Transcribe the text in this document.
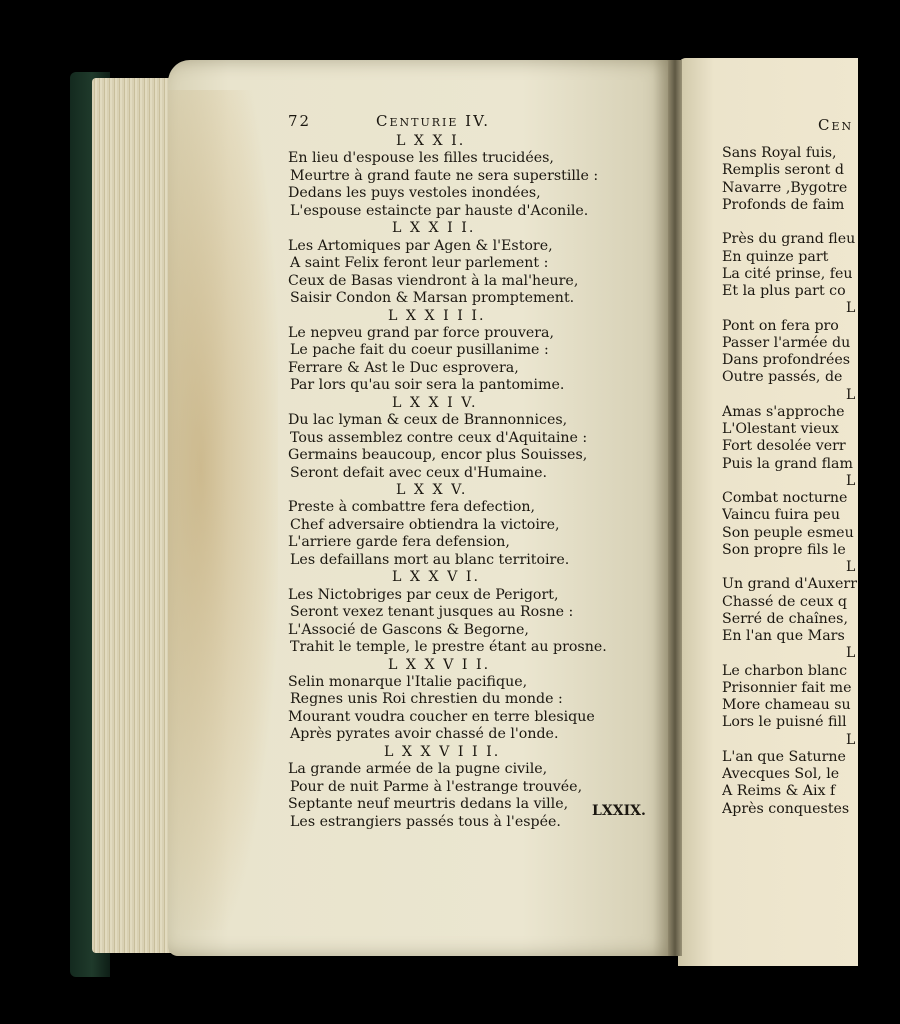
72	Centurie IV.
L X X I.
En lieu d'espouse les filles trucidées,
Meurtre à grand faute ne sera superstille :
Dedans les puys vestoles inondées,
L'espouse estaincte par hauste d'Aconile.
L X X I I.
Les Artomiques par Agen & l'Estore,
A saint Felix feront leur parlement :
Ceux de Basas viendront à la mal'heure,
Saisir Condon & Marsan promptement.
L X X I I I.
Le nepveu grand par force prouvera,
Le pache fait du coeur pusillanime :
Ferrare & Ast le Duc esprovera,
Par lors qu'au soir sera la pantomime.
L X X I V.
Du lac lyman & ceux de Brannonnices,
Tous assemblez contre ceux d'Aquitaine :
Germains beaucoup, encor plus Souisses,
Seront defait avec ceux d'Humaine.
L X X V.
Preste à combattre fera defection,
Chef adversaire obtiendra la victoire,
L'arriere garde fera defension,
Les defaillans mort au blanc territoire.
L X X V I.
Les Nictobriges par ceux de Perigort,
Seront vexez tenant jusques au Rosne :
L'Associé de Gascons & Begorne,
Trahit le temple, le prestre étant au prosne.
L X X V I I.
Selin monarque l'Italie pacifique,
Regnes unis Roi chrestien du monde :
Mourant voudra coucher en terre blesique
Après pyrates avoir chassé de l'onde.
L X X V I I I.
La grande armée de la pugne civile,
Pour de nuit Parme à l'estrange trouvée,
Septante neuf meurtris dedans la ville,
Les estrangiers passés tous à l'espée.
LXXIX.
Cen
Sans Royal fuis,
Remplis seront d
Navarre ,Bygotre
Profonds de faim
Près du grand fleu
En quinze part
La cité prinse, feu
Et la plus part co
L
Pont on fera pro
Passer l'armée du
Dans profondrées
Outre passés, de
L
Amas s'approche
L'Olestant vieux
Fort desolée verr
Puis la grand flam
L
Combat nocturne
Vaincu fuira peu
Son peuple esmeu
Son propre fils le
L
Un grand d'Auxerr
Chassé de ceux q
Serré de chaînes,
En l'an que Mars
L
Le charbon blanc
Prisonnier fait me
More chameau su
Lors le puisné fill
L
L'an que Saturne
Avecques Sol, le
A Reims & Aix f
Après conquestes
